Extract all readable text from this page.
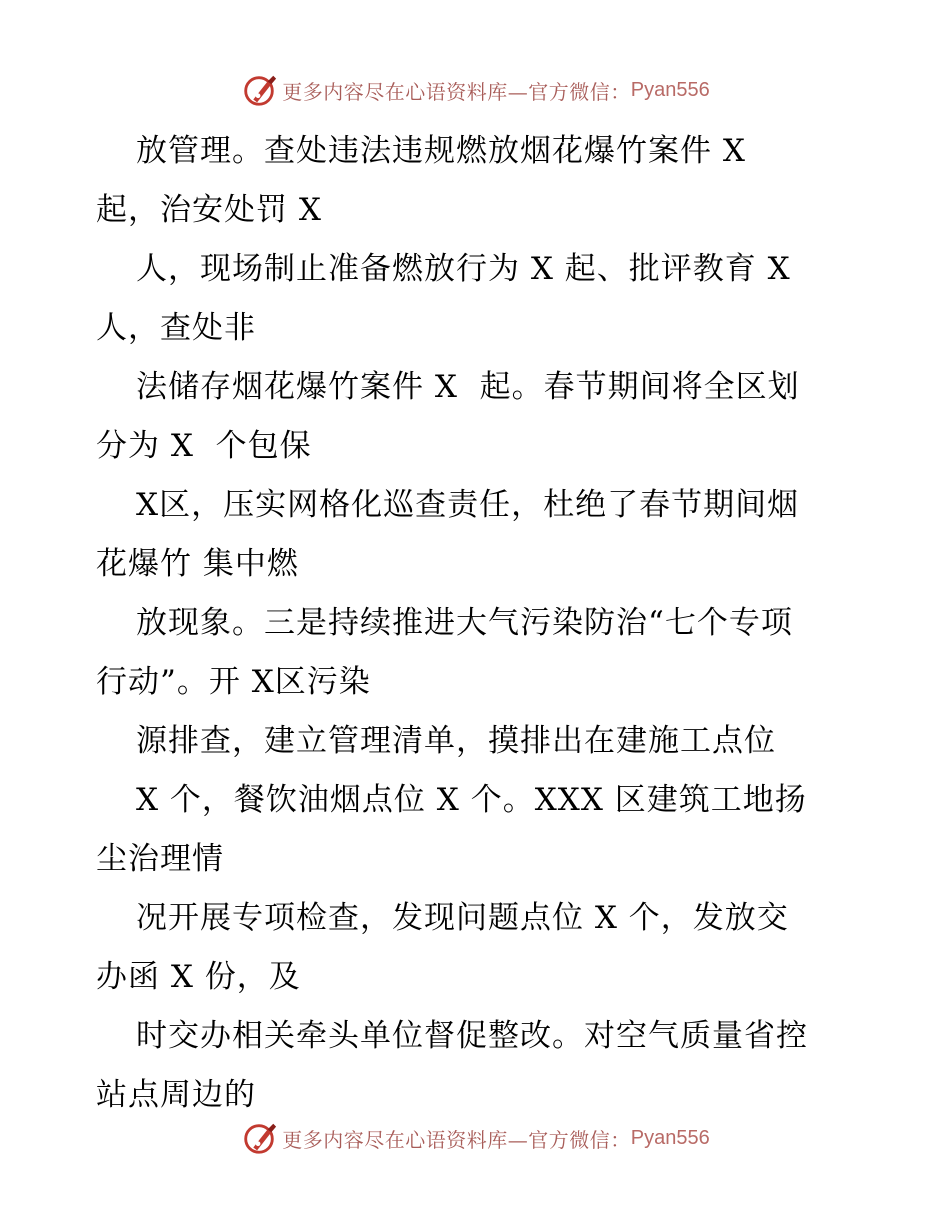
更多内容尽在心语资料库—官方微信： Pyan556
放管理。查处违法违规燃放烟花爆竹案件 X
起，治安处罚 X
人，现场制止准备燃放行为 X 起、批评教育 X
人，查处非
法储存烟花爆竹案件 X  起。春节期间将全区划
分为 X  个包保
X区，压实网格化巡查责任，杜绝了春节期间烟
花爆竹 集中燃
放现象。三是持续推进大气污染防治“七个专项
行动”。开 X区污染
源排查，建立管理清单，摸排出在建施工点位
X 个，餐饮油烟点位 X 个。XXX 区建筑工地扬
尘治理情
况开展专项检查，发现问题点位 X 个，发放交
办函 X 份，及
时交办相关牵头单位督促整改。对空气质量省控
站点周边的
更多内容尽在心语资料库—官方微信： Pyan556
